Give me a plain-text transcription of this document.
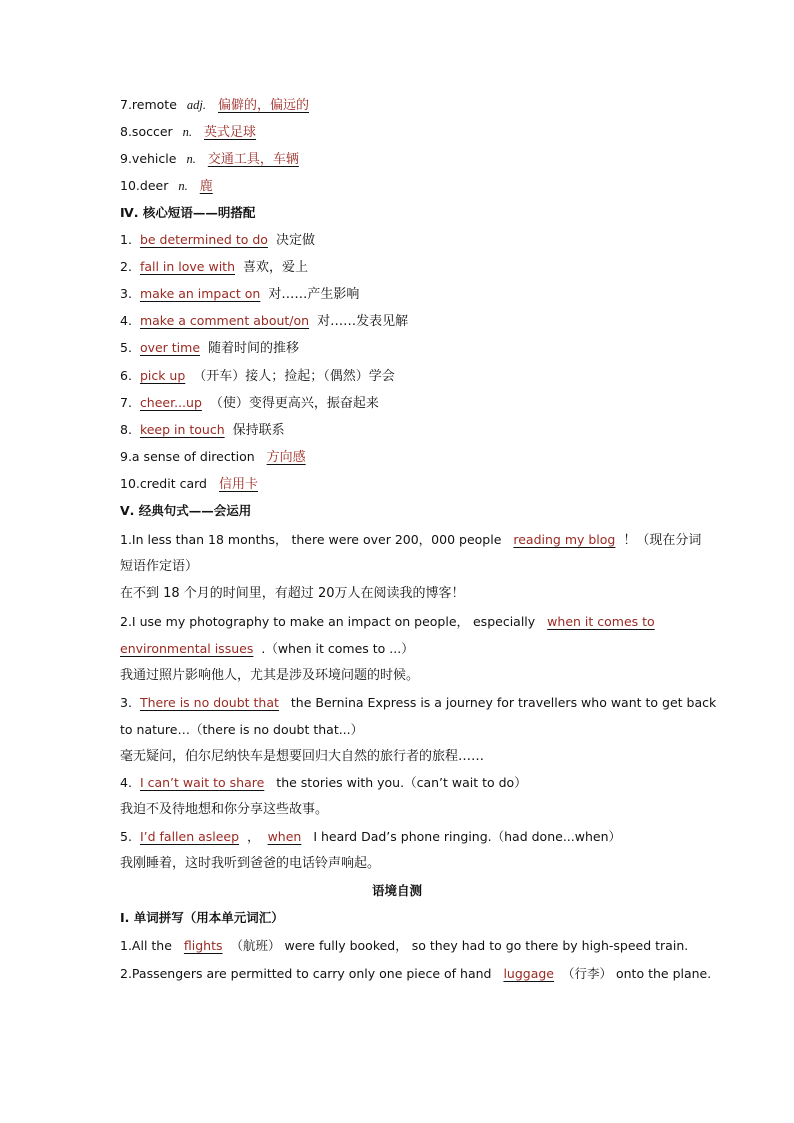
7.remote adj. 偏僻的，偏远的
8.soccer n. 英式足球
9.vehicle n. 交通工具，车辆
10.deer n. 鹿
Ⅳ. 核心短语——明搭配
1. be determined to do 决定做
2. fall in love with 喜欢，爱上
3. make an impact on 对……产生影响
4. make a comment about/on 对……发表见解
5. over time 随着时间的推移
6. pick up （开车）接人；捡起；（偶然）学会
7. cheer...up （使）变得更高兴，振奋起来
8. keep in touch 保持联系
9.a sense of direction 方向感
10.credit card 信用卡
Ⅴ. 经典句式——会运用
1.In less than 18 months， there were over 200，000 people reading my blog ！（现在分词
短语作定语）
在不到 18 个月的时间里，有超过 20万人在阅读我的博客！
2.I use my photography to make an impact on people， especially when it comes to
environmental issues .（when it comes to ...）
我通过照片影响他人，尤其是涉及环境问题的时候。
3. There is no doubt that the Bernina Express is a journey for travellers who want to get back
to nature…（there is no doubt that...）
毫无疑问，伯尔尼纳快车是想要回归大自然的旅行者的旅程……
4. I can’t wait to share the stories with you.（can’t wait to do）
我迫不及待地想和你分享这些故事。
5. I’d fallen asleep ， when I heard Dad’s phone ringing.（had done...when）
我刚睡着，这时我听到爸爸的电话铃声响起。
语境自测
Ⅰ. 单词拼写（用本单元词汇）
1.All the flights （航班） were fully booked， so they had to go there by high-speed train.
2.Passengers are permitted to carry only one piece of hand luggage （行李） onto the plane.
